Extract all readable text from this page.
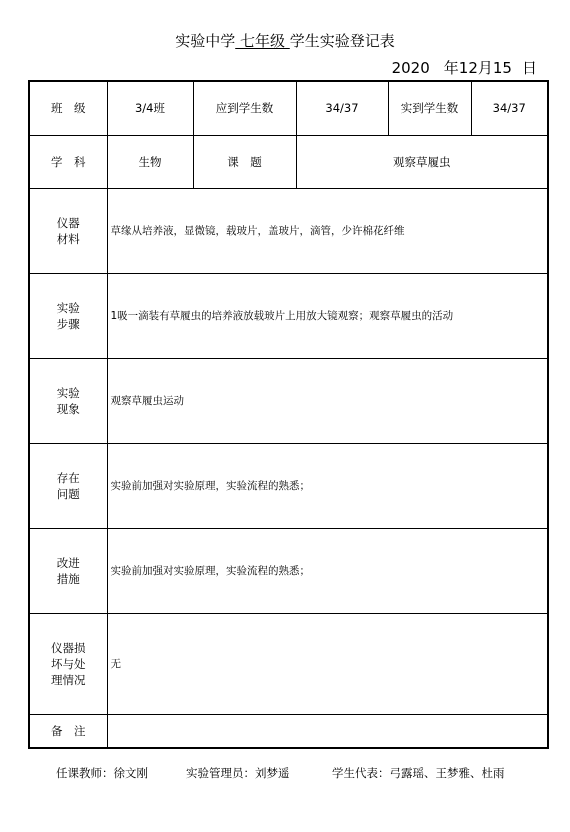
实验中学 七年级 学生实验登记表
2020 年12月15 日
班　级	3/4班	应到学生数	34/37	实到学生数	34/37
学　科	生物	课　题	观察草履虫		

仪器
材料	草缘从培养液，显微镜，载玻片，盖玻片，滴管，少许棉花纤维				

实验
步骤	1吸一滴装有草履虫的培养液放载玻片上用放大镜观察；观察草履虫的活动				

实验
现象	观察草履虫运动				

存在
问题	实验前加强对实验原理，实验流程的熟悉；				

改进
措施	实验前加强对实验原理，实验流程的熟悉；				

仪器损
坏与处
理情况	无				
备　注					
任课教师：徐文刚	实验管理员：刘梦遥	学生代表：弓露瑶、王梦雅、杜雨
